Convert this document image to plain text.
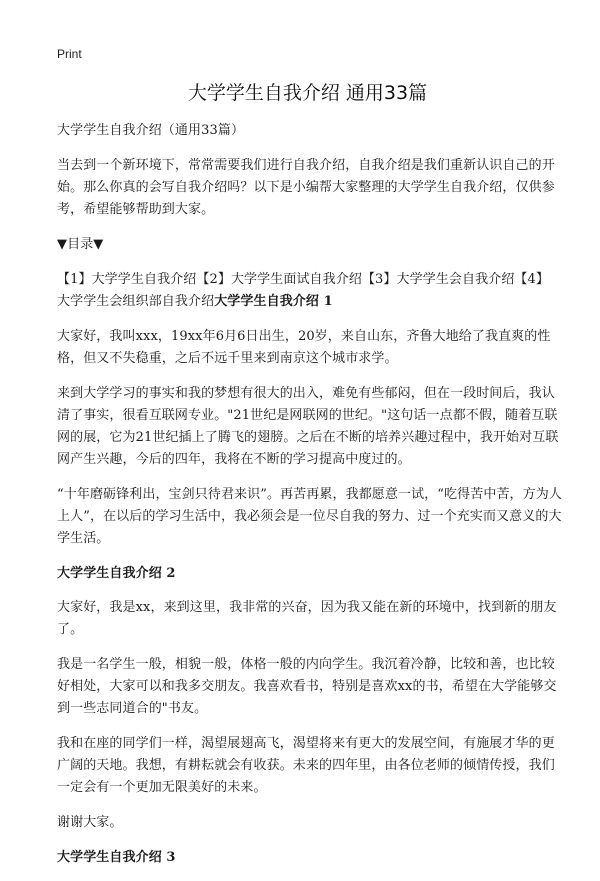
Print
大学学生自我介绍 通用33篇

大学学生自我介绍（通用33篇）

当去到一个新环境下，常常需要我们进行自我介绍，自我介绍是我们重新认识自己的开始。那么你真的会写自我介绍吗？以下是小编帮大家整理的大学学生自我介绍，仅供参考，希望能够帮助到大家。

▼目录▼

【1】大学学生自我介绍【2】大学学生面试自我介绍【3】大学学生会自我介绍【4】大学学生会组织部自我介绍大学学生自我介绍 1

大家好，我叫xxx，19xx年6月6日出生，20岁，来自山东，齐鲁大地给了我直爽的性格，但又不失稳重，之后不远千里来到南京这个城市求学。

来到大学学习的事实和我的梦想有很大的出入，难免有些郁闷，但在一段时间后，我认清了事实，很看互联网专业。"21世纪是网联网的世纪。"这句话一点都不假，随着互联网的展，它为21世纪插上了腾飞的翅膀。之后在不断的培养兴趣过程中，我开始对互联网产生兴趣，今后的四年，我将在不断的学习提高中度过的。

“十年磨砺锋利出，宝剑只待君来识”。再苦再累，我都愿意一试，“吃得苦中苦，方为人上人”，在以后的学习生活中，我必须会是一位尽自我的努力、过一个充实而又意义的大学生活。

大学学生自我介绍 2

大家好，我是xx，来到这里，我非常的兴奋，因为我又能在新的环境中，找到新的朋友了。

我是一名学生一般，相貌一般，体格一般的内向学生。我沉着冷静，比较和善，也比较好相处，大家可以和我多交朋友。我喜欢看书，特别是喜欢xx的书，希望在大学能够交到一些志同道合的"书友。

我和在座的同学们一样，渴望展翅高飞，渴望将来有更大的发展空间，有施展才华的更广阔的天地。我想，有耕耘就会有收获。未来的四年里，由各位老师的倾情传授，我们一定会有一个更加无限美好的未来。

谢谢大家。

大学学生自我介绍 3
